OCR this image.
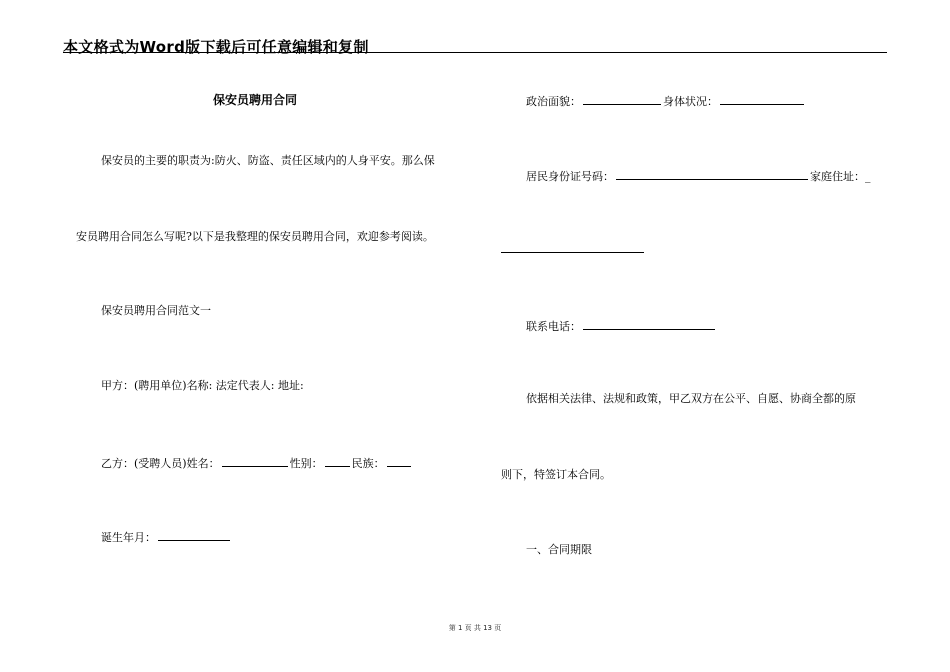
本文格式为Word版下载后可任意编辑和复制
保安员聘用合同
保安员的主要的职责为:防火、防盗、责任区域内的人身平安。那么保
安员聘用合同怎么写呢?以下是我整理的保安员聘用合同，欢迎参考阅读。
保安员聘用合同范文一
甲方：(聘用单位)名称: 法定代表人: 地址:
乙方：(受聘人员)姓名：	性别：	民族：
诞生年月：
政治面貌：	身体状况：
居民身份证号码：	家庭住址：_
联系电话：
依据相关法律、法规和政策，甲乙双方在公平、自愿、协商全都的原
则下，特签订本合同。
一、合同期限
第 1 页 共 13 页
